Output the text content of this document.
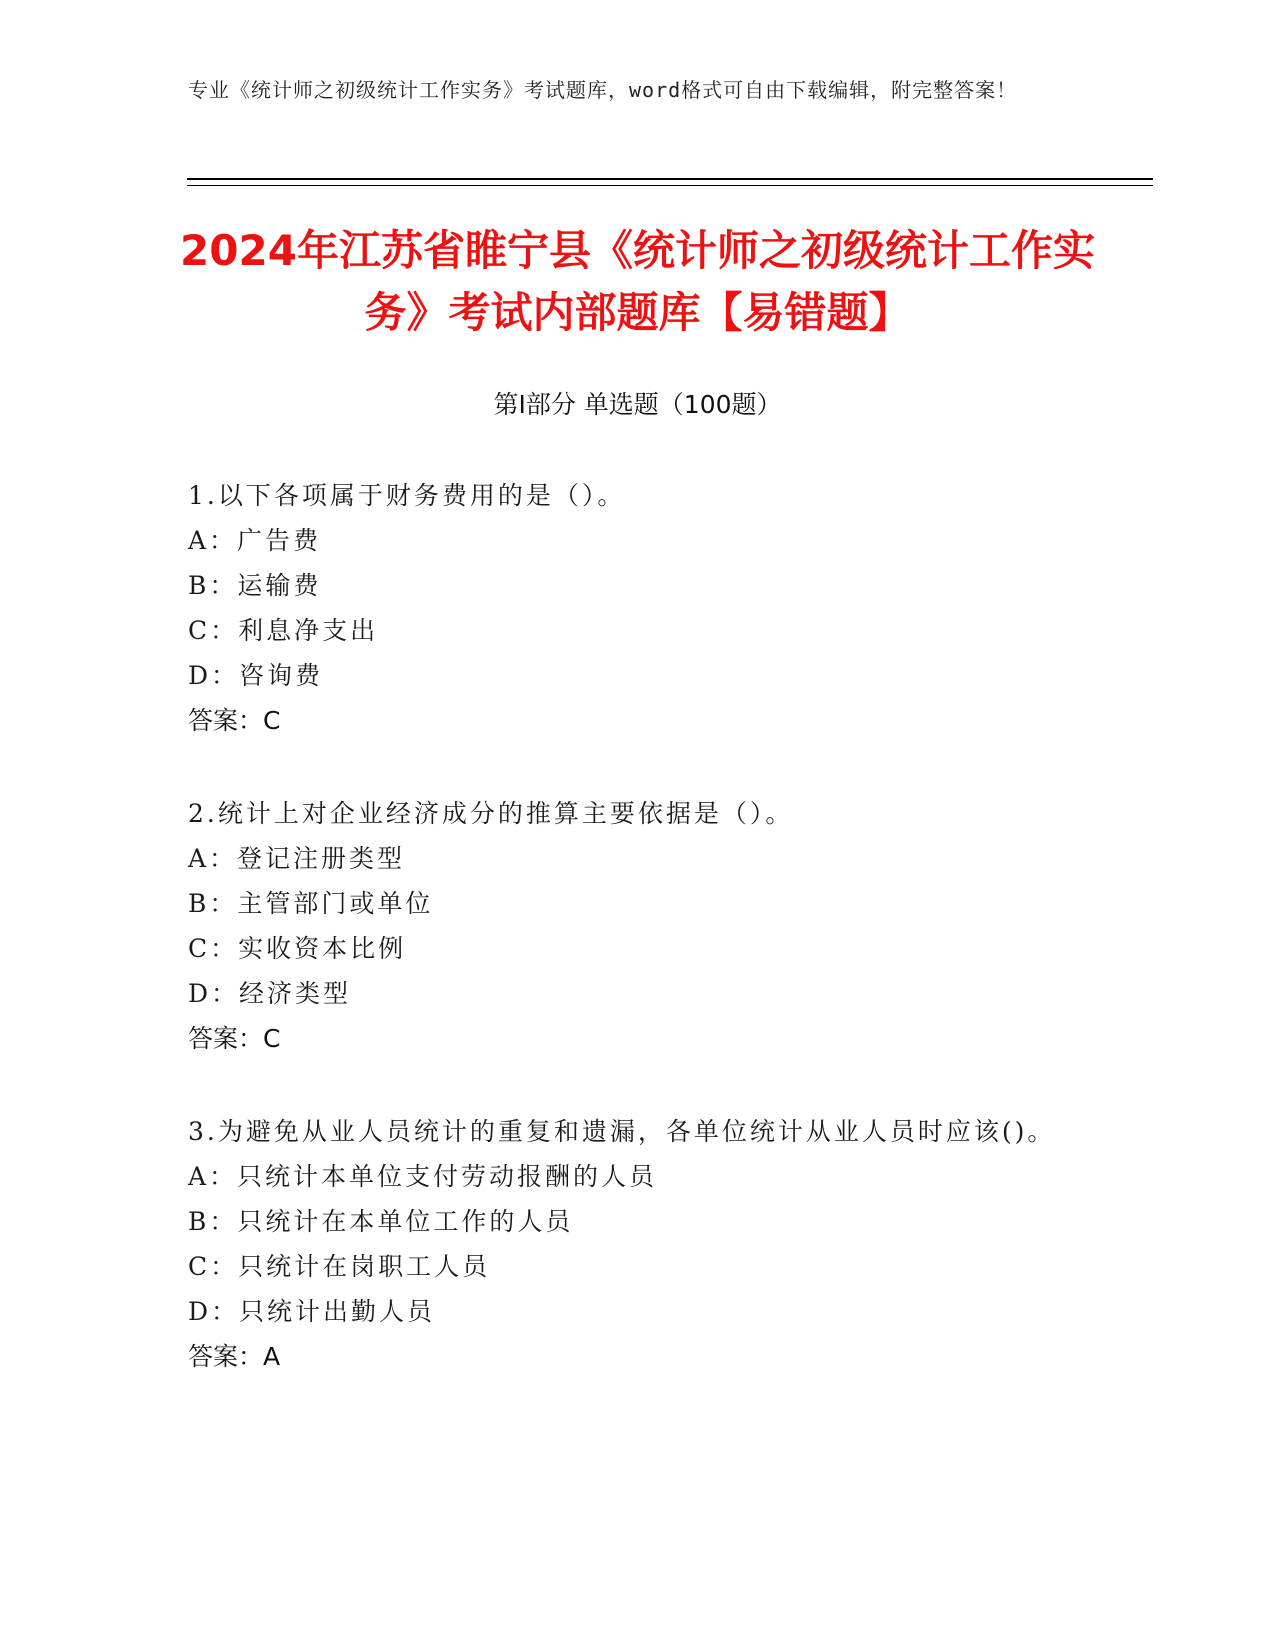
专业《统计师之初级统计工作实务》考试题库，word格式可自由下载编辑，附完整答案！
2024年江苏省睢宁县《统计师之初级统计工作实务》考试内部题库【易错题】
第Ⅰ部分 单选题（100题）
1.以下各项属于财务费用的是（）。
A：广告费
B：运输费
C：利息净支出
D：咨询费
答案：C
2.统计上对企业经济成分的推算主要依据是（）。
A：登记注册类型
B：主管部门或单位
C：实收资本比例
D：经济类型
答案：C
3.为避免从业人员统计的重复和遗漏，各单位统计从业人员时应该()。
A：只统计本单位支付劳动报酬的人员
B：只统计在本单位工作的人员
C：只统计在岗职工人员
D：只统计出勤人员
答案：A
